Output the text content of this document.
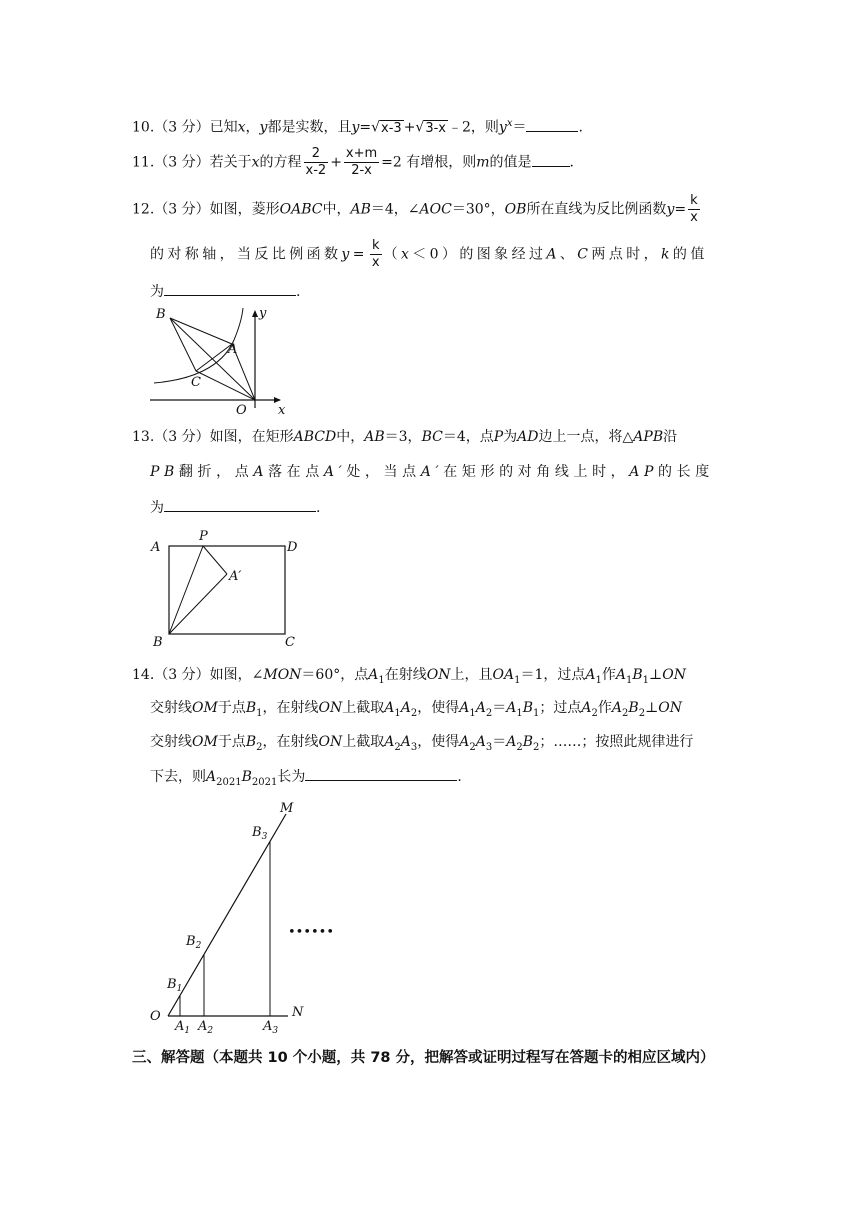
10.（3 分）已知x，y都是实数，且y=√x-3 +√3-x ﹣2，则$y^x=$	.
11.（3 分）若关于x的方程 $\frac{2}{x-2} + \frac{x+m}{2-x} =2$ 有增根，则m的值是	.
12.（3 分）如图，菱形OABC中，AB＝4，∠AOC＝30°，OB所在直线为反比例函数$y= \frac{k}{x}$
的对称轴，当反比例函数$y= \frac{k}{x} (x<0)$的图象经过A、C两点时，k的值
为	.
B	y
A
C
O x
13.（3 分）如图，在矩形ABCD中，AB＝3，BC＝4，点P为AD边上一点，将△APB沿
PB翻折，点A落在点A′处，当点A′在矩形的对角线上时，AP的长度
为	.
A
P
D
A′
B	C
14.（3 分）如图，∠MON＝60°，点$A_1$在射线ON上，且$OA_1=1$，过点$A_1$作$A_1B_1\perp ON$
交射线OM于点$B_1$，在射线ON上截取$A_1A_2$，使得$A_1A_2=A_1B_1$；过点$A_2$作$A_2B_2\perp ON$
交射线OM于点$B_2$，在射线ON上截取$A_2A_3$，使得$A_2A_3=A_2B_2$；……；按照此规律进行
下去，则$A_{2021}B_{2021}$长为	.
M
$B_3$
$B_2$
$B_1$
••••••
O
$A_1$ $A_2$	$A_3$
N
三、解答题（本题共 10 个小题，共 78 分，把解答或证明过程写在答题卡的相应区域内）
